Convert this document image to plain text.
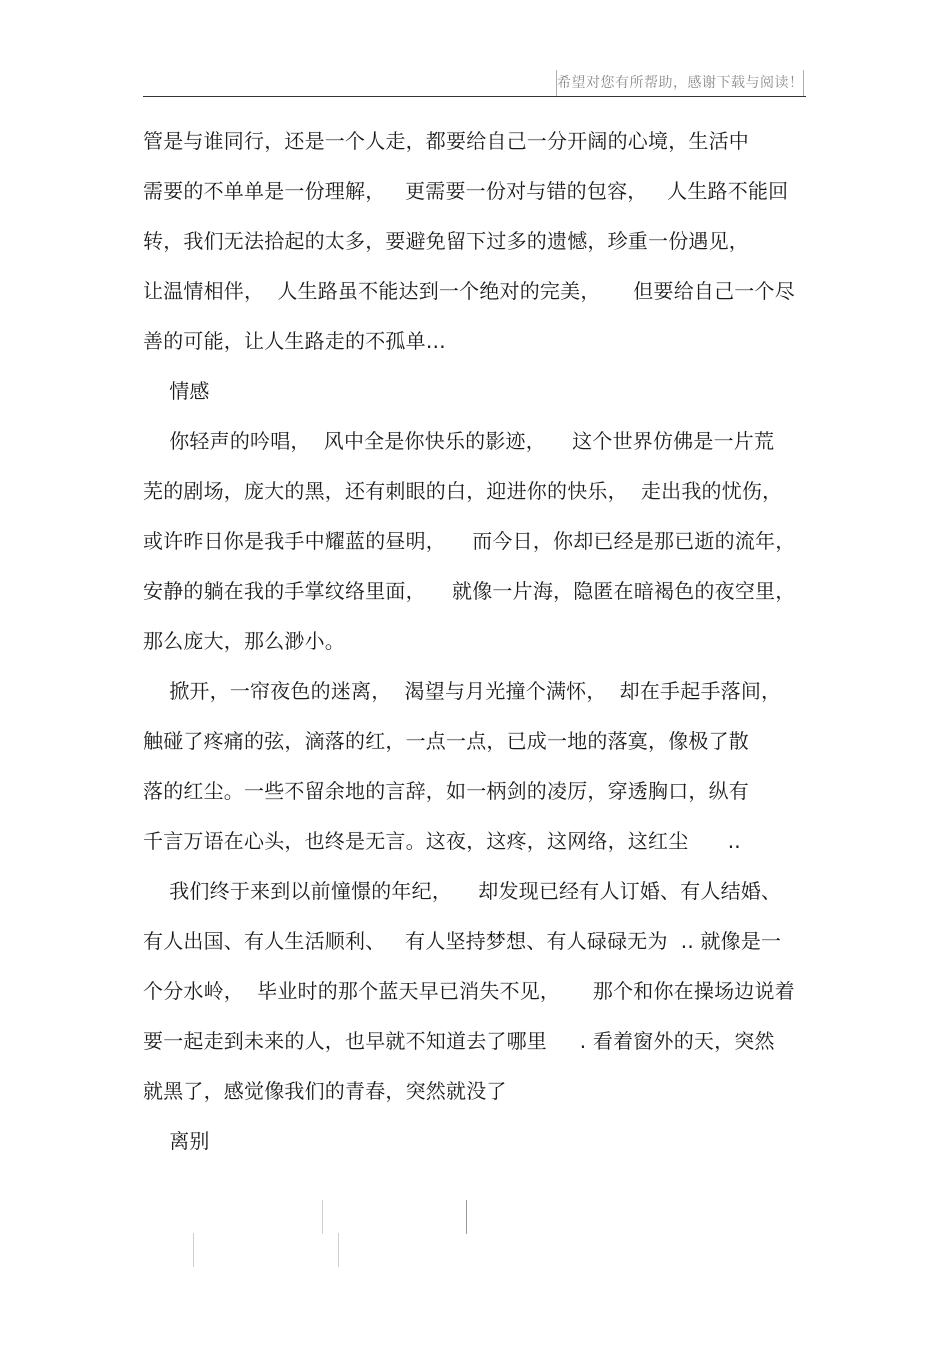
希望对您有所帮助，感谢下载与阅读！
管是与谁同行，还是一个人走，都要给自己一分开阔的心境，生活中
需要的不单单是一份理解，   更需要一份对与错的包容，   人生路不能回
转，我们无法拾起的太多，要避免留下过多的遗憾，珍重一份遇见，
让温情相伴，  人生路虽不能达到一个绝对的完美，     但要给自己一个尽
善的可能，让人生路走的不孤单…
情感
你轻声的吟唱，  风中全是你快乐的影迹，    这个世界仿佛是一片荒
芜的剧场，庞大的黑，还有刺眼的白，迎进你的快乐，  走出我的忧伤，
或许昨日你是我手中耀蓝的昼明，    而今日，你却已经是那已逝的流年，
安静的躺在我的手掌纹络里面，    就像一片海，隐匿在暗褐色的夜空里，
那么庞大，那么渺小。
掀开，一帘夜色的迷离，  渴望与月光撞个满怀，  却在手起手落间，
触碰了疼痛的弦，滴落的红，一点一点，已成一地的落寞，像极了散
落的红尘。一些不留余地的言辞，如一柄剑的凌厉，穿透胸口，纵有
千言万语在心头，也终是无言。这夜，这疼，这网络，这红尘      ..
我们终于来到以前憧憬的年纪，    却发现已经有人订婚、有人结婚、
有人出国、有人生活顺利、   有人坚持梦想、有人碌碌无为  .. 就像是一
个分水岭，  毕业时的那个蓝天早已消失不见，     那个和你在操场边说着
要一起走到未来的人，也早就不知道去了哪里     . 看着窗外的天，突然
就黑了，感觉像我们的青春，突然就没了
离别
